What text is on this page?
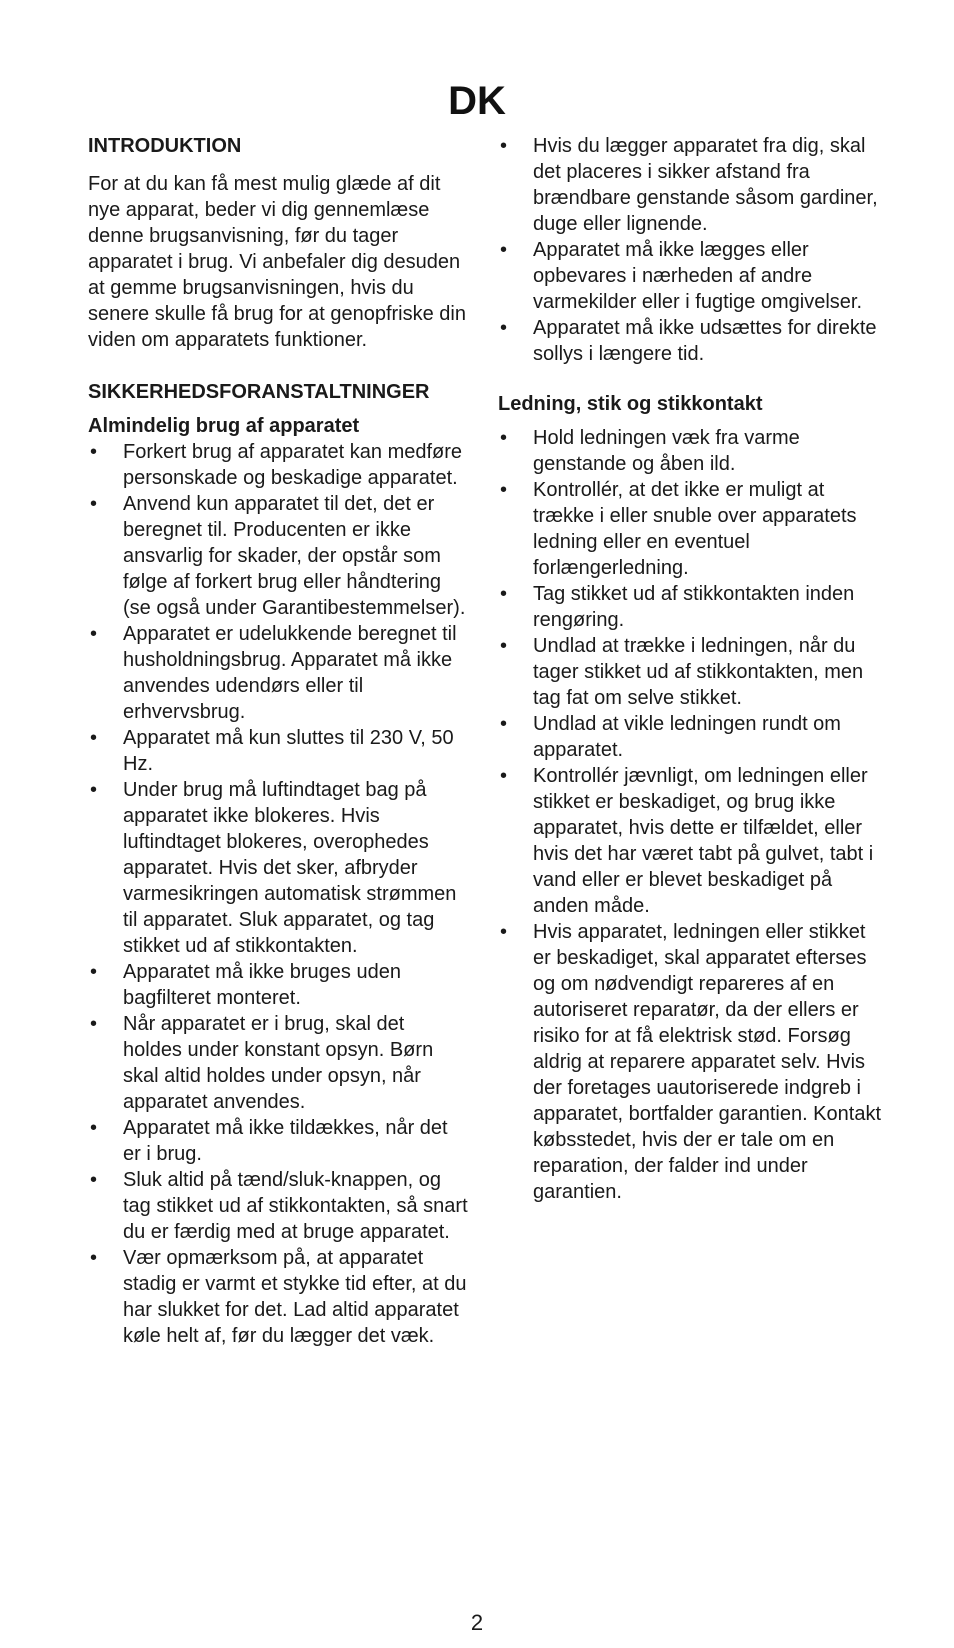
DK
INTRODUKTION

For at du kan få mest mulig glæde af dit nye apparat, beder vi dig gennemlæse denne brugsanvisning, før du tager apparatet i brug. Vi anbefaler dig desuden at gemme brugsanvisningen, hvis du senere skulle få brug for at genopfriske din viden om apparatets funktioner.

SIKKERHEDSFORANSTALTNINGER
Almindelig brug af apparatet
• Forkert brug af apparatet kan medføre personskade og beskadige apparatet.
• Anvend kun apparatet til det, det er beregnet til. Producenten er ikke ansvarlig for skader, der opstår som følge af forkert brug eller håndtering (se også under Garantibestemmelser).
• Apparatet er udelukkende beregnet til husholdningsbrug. Apparatet må ikke anvendes udendørs eller til erhvervsbrug.
• Apparatet må kun sluttes til 230 V, 50 Hz.
• Under brug må luftindtaget bag på apparatet ikke blokeres. Hvis luftindtaget blokeres, overophedes apparatet. Hvis det sker, afbryder varmesikringen automatisk strømmen til apparatet. Sluk apparatet, og tag stikket ud af stikkontakten.
• Apparatet må ikke bruges uden bagfilteret monteret.
• Når apparatet er i brug, skal det holdes under konstant opsyn. Børn skal altid holdes under opsyn, når apparatet anvendes.
• Apparatet må ikke tildækkes, når det er i brug.
• Sluk altid på tænd/sluk-knappen, og tag stikket ud af stikkontakten, så snart du er færdig med at bruge apparatet.
• Vær opmærksom på, at apparatet stadig er varmt et stykke tid efter, at du har slukket for det. Lad altid apparatet køle helt af, før du lægger det væk.
• Hvis du lægger apparatet fra dig, skal det placeres i sikker afstand fra brændbare genstande såsom gardiner, duge eller lignende.
• Apparatet må ikke lægges eller opbevares i nærheden af andre varmekilder eller i fugtige omgivelser.
• Apparatet må ikke udsættes for direkte sollys i længere tid.
Ledning, stik og stikkontakt
• Hold ledningen væk fra varme genstande og åben ild.
• Kontrollér, at det ikke er muligt at trække i eller snuble over apparatets ledning eller en eventuel forlængerledning.
• Tag stikket ud af stikkontakten inden rengøring.
• Undlad at trække i ledningen, når du tager stikket ud af stikkontakten, men tag fat om selve stikket.
• Undlad at vikle ledningen rundt om apparatet.
• Kontrollér jævnligt, om ledningen eller stikket er beskadiget, og brug ikke apparatet, hvis dette er tilfældet, eller hvis det har været tabt på gulvet, tabt i vand eller er blevet beskadiget på anden måde.
• Hvis apparatet, ledningen eller stikket er beskadiget, skal apparatet efterses og om nødvendigt repareres af en autoriseret reparatør, da der ellers er risiko for at få elektrisk stød. Forsøg aldrig at reparere apparatet selv. Hvis der foretages uautoriserede indgreb i apparatet, bortfalder garantien. Kontakt købsstedet, hvis der er tale om en reparation, der falder ind under garantien.
2
